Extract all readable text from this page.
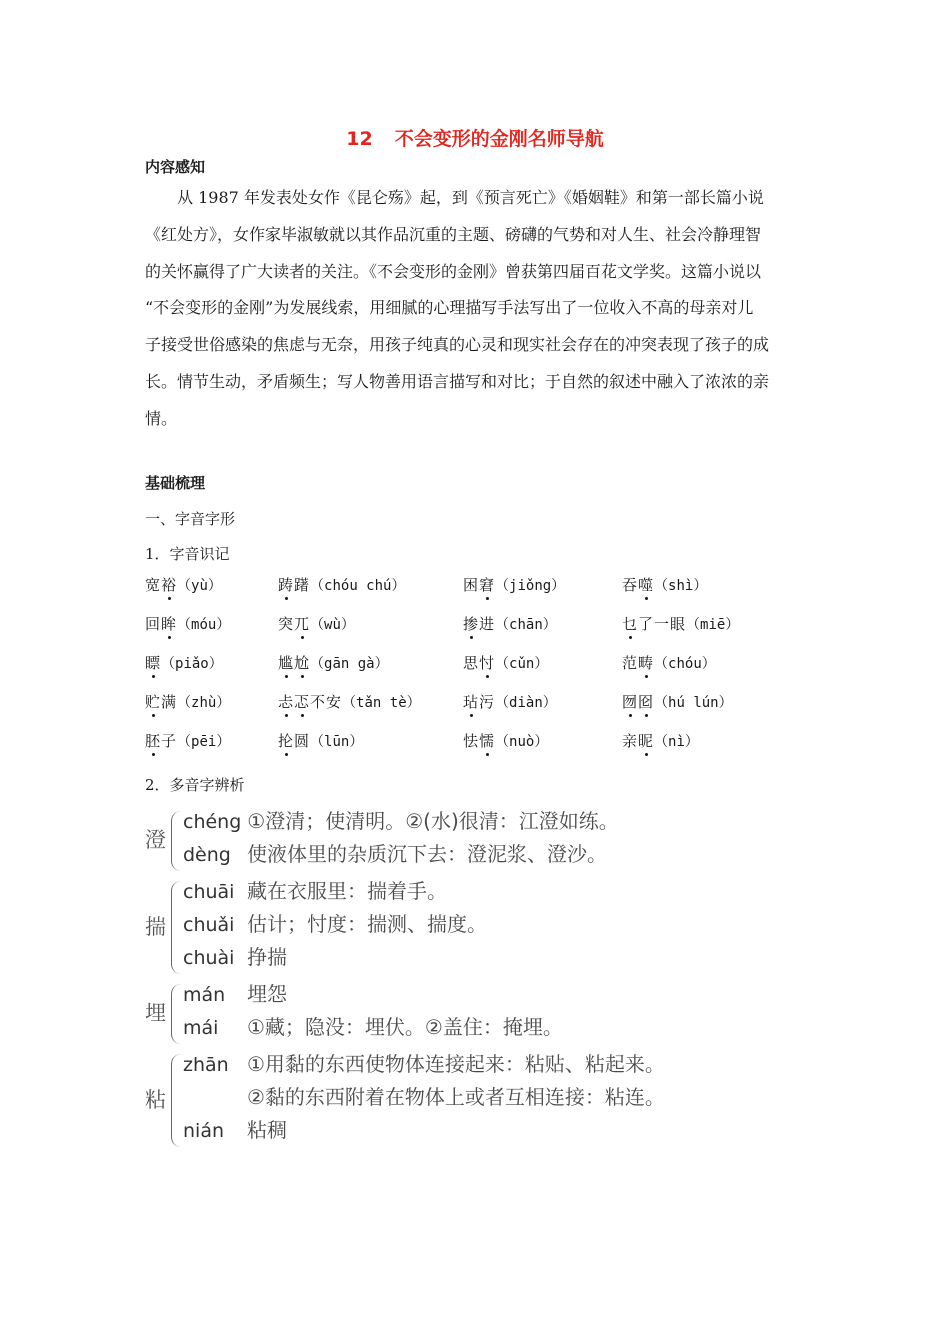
12 不会变形的金刚名师导航
内容感知
从 1987 年发表处女作《昆仑殇》起，到《预言死亡》《婚姻鞋》和第一部长篇小说
《红处方》，女作家毕淑敏就以其作品沉重的主题、磅礴的气势和对人生、社会冷静理智
的关怀赢得了广大读者的关注。《不会变形的金刚》曾获第四届百花文学奖。这篇小说以
“不会变形的金刚”为发展线索，用细腻的心理描写手法写出了一位收入不高的母亲对儿
子接受世俗感染的焦虑与无奈，用孩子纯真的心灵和现实社会存在的冲突表现了孩子的成
长。情节生动，矛盾频生；写人物善用语言描写和对比；于自然的叙述中融入了浓浓的亲
情。
基础梳理
一、字音字形
1．字音识记
宽裕（yù）	踌躇（chóu chú）	困窘（jiǒng）	吞噬（shì）
回眸（móu）	突兀（wù）	掺进（chān）	乜了一眼（miē）
瞟（piǎo）	尴尬（gān gà）	思忖（cǔn）	范畴（chóu）
贮满（zhù）	忐忑不安（tǎn tè）	玷污（diàn）	囫囵（hú lún）
胚子（pēi）	抡圆（lūn）	怯懦（nuò）	亲昵（nì）
2．多音字辨析
澄
chéng ①澄清；使清明。②(水)很清：江澄如练。
dèng 使液体里的杂质沉下去：澄泥浆、澄沙。
揣
chuāi 藏在衣服里：揣着手。
chuǎi 估计；忖度：揣测、揣度。
chuài 挣揣
埋
mán 埋怨
mái ①藏；隐没：埋伏。②盖住：掩埋。
粘
zhān ①用黏的东西使物体连接起来：粘贴、粘起来。
②黏的东西附着在物体上或者互相连接：粘连。
nián 粘稠
